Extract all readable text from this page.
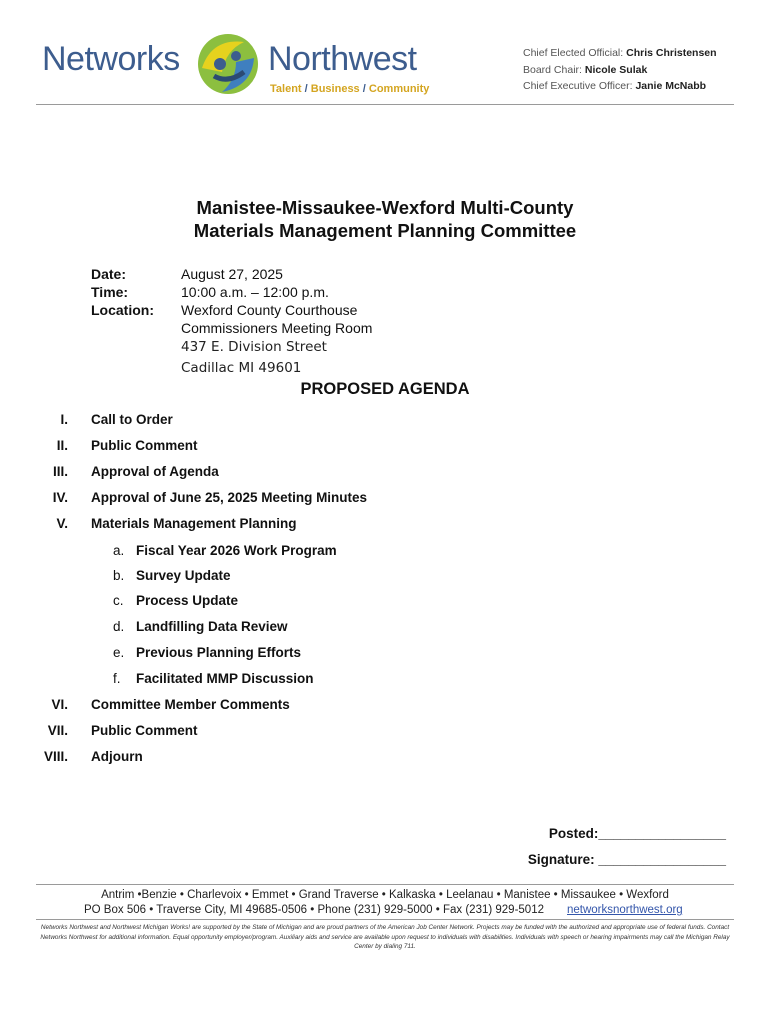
Networks	Northwest
Talent / Business / Community
Chief Elected Official: Chris Christensen
Board Chair: Nicole Sulak
Chief Executive Officer: Janie McNabb
Manistee-Missaukee-Wexford Multi-County
Materials Management Planning Committee
Date:	August 27, 2025
Time:	10:00 a.m. – 12:00 p.m.
Location: Wexford County Courthouse
Commissioners Meeting Room
437 E. Division Street
Cadillac MI 49601
PROPOSED AGENDA
I. Call to Order
II. Public Comment
III. Approval of Agenda
IV. Approval of June 25, 2025 Meeting Minutes
V. Materials Management Planning
a. Fiscal Year 2026 Work Program
b. Survey Update
c. Process Update
d. Landfilling Data Review
e. Previous Planning Efforts
f. Facilitated MMP Discussion
VI. Committee Member Comments
VII. Public Comment
VIII. Adjourn
Posted:_________________
Signature: _________________
Antrim •Benzie • Charlevoix • Emmet • Grand Traverse • Kalkaska • Leelanau • Manistee • Missaukee • Wexford
PO Box 506 • Traverse City, MI 49685-0506 • Phone (231) 929-5000 • Fax (231) 929-5012 networksnorthwest.org
Networks Northwest and Northwest Michigan Works! are supported by the State of Michigan and are proud partners of the American Job Center Network. Projects may be funded with the authorized and appropriate use of federal funds. Contact Networks Northwest for additional information. Equal opportunity employer/program. Auxiliary aids and service are available upon request to individuals with disabilities. Individuals with speech or hearing impairments may call the Michigan Relay Center by dialing 711.
